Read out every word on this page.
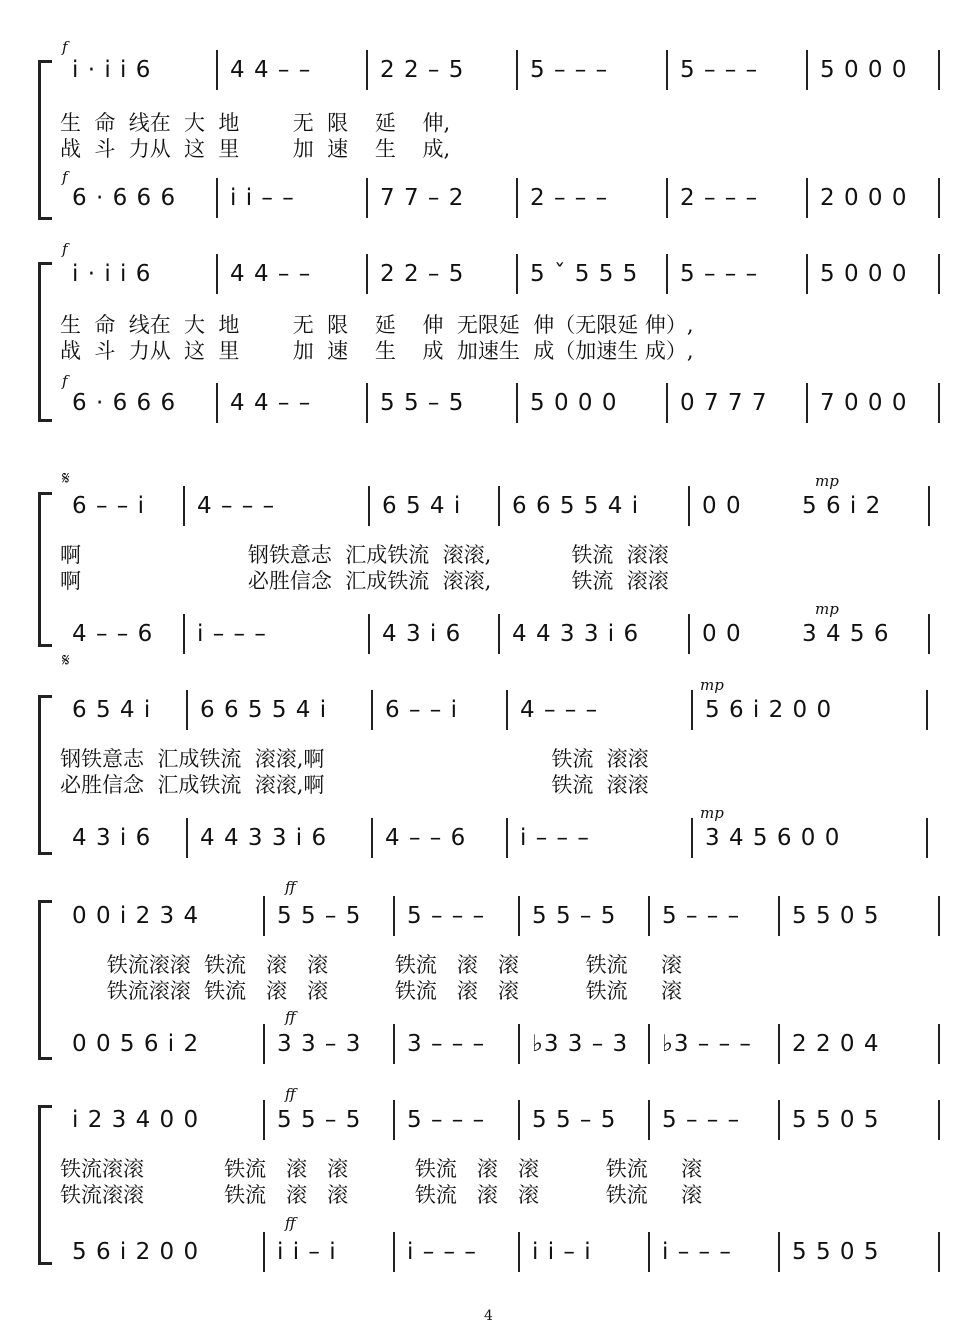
f
i · i i 6	4 4 – –	2 2 – 5	5 – – –	5 – – –	5 0 0 0
生  命  线在  大  地        无  限    延    伸,
战  斗  力从  这  里        加  速    生    成,
f
6 · 6 6 6	i i – –	7 7 – 2	2 – – –	2 – – –	2 0 0 0
f
i · i i 6	4 4 – –	2 2 – 5	5 ˇ 5 5 5	5 – – –	5 0 0 0
生  命  线在  大  地        无  限    延    伸  无限延  伸（无限延 伸）,
战  斗  力从  这  里        加  速    生    成  加速生  成（加速生 成）,
f
6 · 6 6 6	4 4 – –	5 5 – 5	5 0 0 0	0 7 7 7	7 0 0 0
𝄋	mp
6 – – i	4 – – –	6 5 4 i	6 6 5 5 4 i	0 0	5 6 i 2
啊                         钢铁意志  汇成铁流  滚滚,            铁流  滚滚
啊                         必胜信念  汇成铁流  滚滚,            铁流  滚滚
mp
4 – – 6	i – – –	4 3 i 6	4 4 3 3 i 6	0 0	3 4 5 6
𝄋
mp
6 5 4 i	6 6 5 5 4 i	6 – – i	4 – – –	5 6 i 2 0 0
钢铁意志  汇成铁流  滚滚,啊                                  铁流  滚滚
必胜信念  汇成铁流  滚滚,啊                                  铁流  滚滚
mp
4 3 i 6	4 4 3 3 i 6	4 – – 6	i – – –	3 4 5 6 0 0
ff
0 0 i 2 3 4	5 5 – 5	5 – – –	5 5 – 5	5 – – –	5 5 0 5
铁流滚滚  铁流   滚   滚          铁流   滚   滚          铁流     滚
铁流滚滚  铁流   滚   滚          铁流   滚   滚          铁流     滚
ff
0 0 5 6 i 2	3 3 – 3	3 – – –	♭3 3 – 3	♭3 – – –	2 2 0 4
ff
i 2 3 4 0 0	5 5 – 5	5 – – –	5 5 – 5	5 – – –	5 5 0 5
铁流滚滚            铁流   滚   滚          铁流   滚   滚          铁流     滚
铁流滚滚            铁流   滚   滚          铁流   滚   滚          铁流     滚
ff
5 6 i 2 0 0	i i – i	i – – –	i i – i	i – – –	5 5 0 5
4
